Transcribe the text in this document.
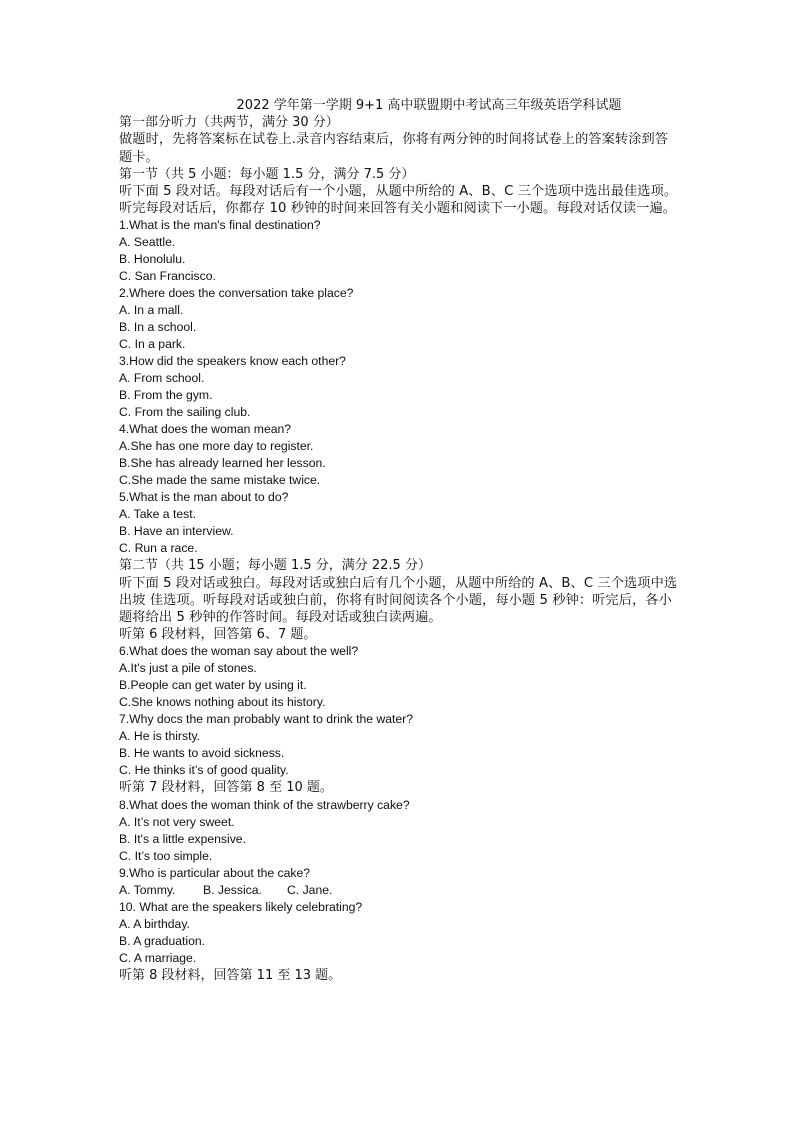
2022 学年第一学期 9+1 高中联盟期中考试高三年级英语学科试题

第一部分听力（共两节，满分 30 分）

做题时，先将答案标在试卷上.录音内容结束后，你将有两分钟的时间将试卷上的答案转涂到答题卡。

第一节（共 5 小题：每小题 1.5 分，满分 7.5 分）

听下面 5 段对话。每段对话后有一个小题，从题中所给的 A、B、C 三个选项中选出最佳选项。听完每段对话后，你都存 10 秒钟的时间来回答有关小题和阅读下一小题。每段对话仅读一遍。

1.What is the man's final destination?

A. Seattle.

B. Honolulu.

C. San Francisco.

2.Where does the conversation take place?

A. In a mall.

B. In a school.

C. In a park.

3.How did the speakers know each other?

A. From school.

B. From the gym.

C. From the sailing club.

4.What does the woman mean?

A.She has one more day to register.

B.She has already learned her lesson.

C.She made the same mistake twice.

5.What is the man about to do?

A. Take a test.

B. Have an interview.

C. Run a race.

第二节（共 15 小题；每小题 1.5 分，满分 22.5 分）

听下面 5 段对话或独白。每段对话或独白后有几个小题，从题中所给的 A、B、C 三个选项中选出坡 佳选项。听每段对话或独白前，你将有时间阅读各个小题，每小题 5 秒钟：听完后，各小题将给出 5 秒钟的作答时间。每段对话或独白读两遍。

听第 6 段材料，回答第 6、7 题。

6.What does the woman say about the well?

A.It's just a pile of stones.

B.People can get water by using it.

C.She knows nothing about its history.

7.Why docs the man probably want to drink the water?

A. He is thirsty.

B. He wants to avoid sickness.

C. He thinks it’s of good quality.

听第 7 段材料，回答第 8 至 10 题。

8.What does the woman think of the strawberry cake?

A. It’s not very sweet.

B. It's a little expensive.

C. It’s too simple.

9.Who is particular about the cake?

A. Tommy. B. Jessica. C. Jane.

10. What are the speakers likely celebrating?

A. A birthday.

B. A graduation.

C. A marriage.

听第 8 段材料，回答第 11 至 13 题。
